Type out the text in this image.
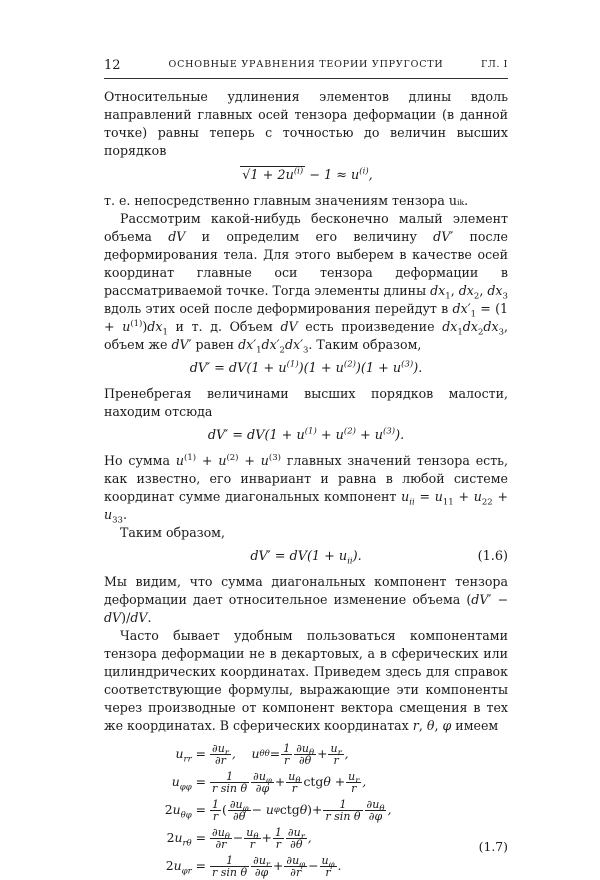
12	ОСНОВНЫЕ УРАВНЕНИЯ ТЕОРИИ УПРУГОСТИ	ГЛ. I

Относительные удлинения элементов длины вдоль направлений главных осей тензора деформации (в данной точке) равны теперь с точностью до величин высших порядков

$√1 + 2u^{(i)} - 1 \approx u^{(i)}$,

т. е. непосредственно главным значениям тензора uᵢₖ.

Рассмотрим какой-нибудь бесконечно малый элемент объема dV и определим его величину dV′ после деформирования тела. Для этого выберем в качестве осей координат главные оси тензора деформации в рассматриваемой точке. Тогда элементы длины $dx_1$, $dx_2$, $dx_3$ вдоль этих осей после деформирования перейдут в $dx'_1 = (1 + u^{(1)})dx_1$ и т. д. Объем dV есть произведение $dx_1dx_2dx_3$, объем же dV′ равен $dx'_1dx'_2dx'_3$. Таким образом,

$dV' = dV(1 + u^{(1)})(1 + u^{(2)})(1 + u^{(3)})$.

Пренебрегая величинами высших порядков малости, находим отсюда

$dV' = dV(1 + u^{(1)} + u^{(2)} + u^{(3)})$.

Но сумма $u^{(1)} + u^{(2)} + u^{(3)}$ главных значений тензора есть, как известно, его инвариант и равна в любой системе координат сумме диагональных компонент $u_{ii} = u_{11} + u_{22} + u_{33}$.

Таким образом,

$dV' = dV(1 + u_{ii})$.	(1.6)

Мы видим, что сумма диагональных компонент тензора деформации дает относительное изменение объема (dV′ − dV)/dV.

Часто бывает удобным пользоваться компонентами тензора деформации не в декартовых, а в сферических или цилиндрических координатах. Приведем здесь для справок соответствующие формулы, выражающие эти компоненты через производные от компонент вектора смещения в тех же координатах. В сферических координатах r, θ, φ имеем

$u_{rr} = \frac{\partial u_r}{\partial r}$ ,    u $\theta\theta = \frac{1}{r} \frac{\partial u_\theta}{\partial\theta} + \frac{u_r}{r}$ ,
$u_{\varphi\varphi} = \frac{1}{\text{r sin θ}} \frac{\partial u_\varphi}{\partial\varphi} + \frac{u_\theta}{r}$ ctg $\theta + \frac{u_r}{r}$ ,
$2u_{\theta\varphi} = \frac{1}{r}$ ( $\frac{\partial u_\varphi}{\partial\theta} - u$ φ ctg θ ) + $\frac{1}{\text{r sin θ}} \frac{\partial u_\theta}{\partial\varphi}$ ,
$2u_{r\theta} = \frac{\partial u_\theta}{\partial r} - \frac{u_\theta}{r} + \frac{1}{r} \frac{\partial u_r}{\partial\theta}$ ,
$2u_{\varphi r} = \frac{1}{\text{r sin θ}} \frac{\partial u_r}{\partial\varphi} + \frac{\partial u_\varphi}{\partial r} - \frac{u_\varphi}{r}$ .
(1.7)
